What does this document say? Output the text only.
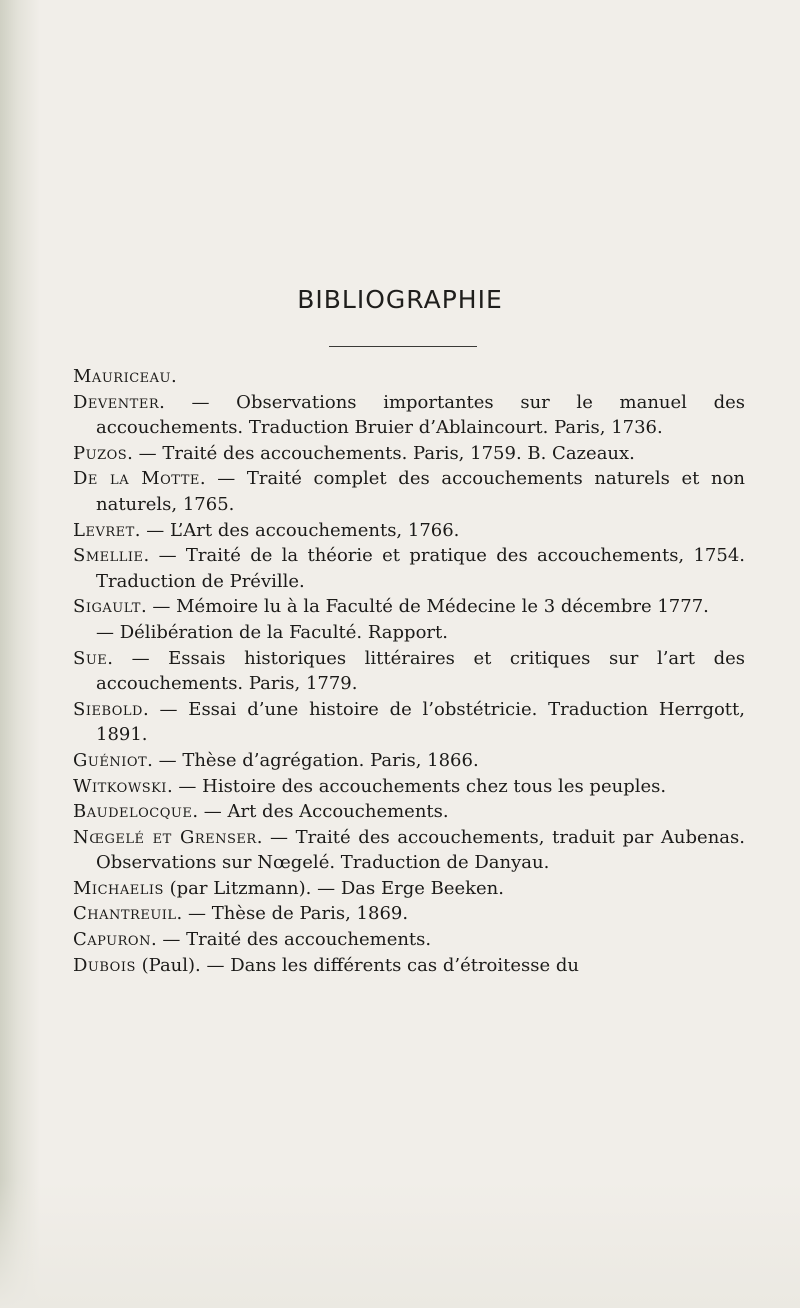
BIBLIOGRAPHIE

Mauriceau.

Deventer. — Observations importantes sur le manuel des accouchements. Traduction Bruier d’Ablaincourt. Paris, 1736.

Puzos. — Traité des accouchements. Paris, 1759. B. Cazeaux.

De la Motte. — Traité complet des accouchements naturels et non naturels, 1765.

Levret. — L’Art des accouchements, 1766.

Smellie. — Traité de la théorie et pratique des accouchements, 1754. Traduction de Préville.

Sigault. — Mémoire lu à la Faculté de Médecine le 3 décembre 1777.

— Délibération de la Faculté. Rapport.

Sue. — Essais historiques littéraires et critiques sur l’art des accouchements. Paris, 1779.

Siebold. — Essai d’une histoire de l’obstétricie. Traduction Herrgott, 1891.

Guéniot. — Thèse d’agrégation. Paris, 1866.

Witkowski. — Histoire des accouchements chez tous les peuples.

Baudelocque. — Art des Accouchements.

Nœgelé et Grenser. — Traité des accouchements, traduit par Aubenas. Observations sur Nœgelé. Traduction de Danyau.

Michaelis (par Litzmann). — Das Erge Beeken.

Chantreuil. — Thèse de Paris, 1869.

Capuron. — Traité des accouchements.

Dubois (Paul). — Dans les différents cas d’étroitesse du
